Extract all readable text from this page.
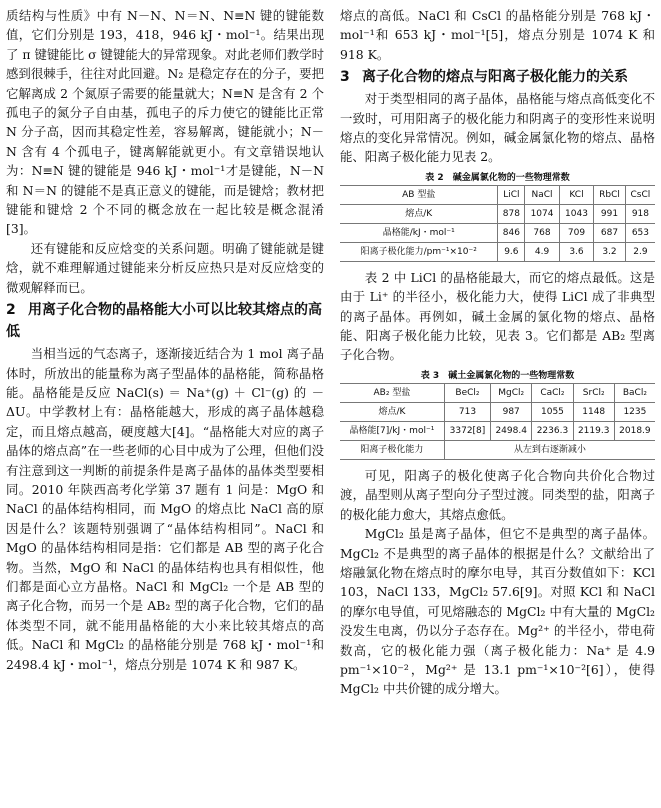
质结构与性质》中有 N－N、N＝N、N≡N 键的键能数值，它们分别是 193，418，946 kJ・mol⁻¹。结果出现了 π 键键能比 σ 键键能大的异常现象。对此老师们教学时感到很棘手，往往对此回避。N₂ 是稳定存在的分子，要把它解离成 2 个氮原子需要的能量就大；N≡N 是含有 2 个孤电子的氮分子自由基，孤电子的斥力使它的键能比正常 N 分子高，因而其稳定性差，容易解离，键能就小；N－N 含有 4 个孤电子，键离解能就更小。有文章错误地认为：N≡N 键的键能是 946 kJ・mol⁻¹才是键能，N－N 和 N＝N 的键能不是真正意义的键能，而是键焓；教材把键能和键焓 2 个不同的概念放在一起比较是概念混淆[3]。

还有键能和反应焓变的关系问题。明确了键能就是键焓，就不难理解通过键能来分析反应热只是对反应焓变的微观解释而已。

2 用离子化合物的晶格能大小可以比较其熔点的高低

当相当远的气态离子，逐渐接近结合为 1 mol 离子晶体时，所放出的能量称为离子型晶体的晶格能，简称晶格能。晶格能是反应 NaCl(s) ＝ Na⁺(g) ＋ Cl⁻(g) 的 －ΔU。中学教材上有：晶格能越大，形成的离子晶体越稳定，而且熔点越高，硬度越大[4]。“晶格能大对应的离子晶体的熔点高”在一些老师的心目中成为了公理，但他们没有注意到这一判断的前提条件是离子晶体的晶体类型要相同。2010 年陕西高考化学第 37 题有 1 问是：MgO 和 NaCl 的晶体结构相同，而 MgO 的熔点比 NaCl 高的原因是什么？该题特别强调了“晶体结构相同”。NaCl 和 MgO 的晶体结构相同是指：它们都是 AB 型的离子化合物。当然，MgO 和 NaCl 的晶体结构也具有相似性，他们都是面心立方晶格。NaCl 和 MgCl₂ 一个是 AB 型的离子化合物，而另一个是 AB₂ 型的离子化合物，它们的晶体类型不同，就不能用晶格能的大小来比较其熔点的高低。NaCl 和 MgCl₂ 的晶格能分别是 768 kJ・mol⁻¹和 2498.4 kJ・mol⁻¹，熔点分别是 1074 K 和 987 K。

熔点的高低。NaCl 和 CsCl 的晶格能分别是 768 kJ・mol⁻¹和 653 kJ・mol⁻¹[5]，熔点分别是 1074 K 和 918 K。

3 离子化合物的熔点与阳离子极化能力的关系

对于类型相同的离子晶体，晶格能与熔点高低变化不一致时，可用阳离子的极化能力和阴离子的变形性来说明熔点的变化异常情况。例如，碱金属氯化物的熔点、晶格能、阳离子极化能力见表 2。

表 2　碱金属氯化物的一些物理常数
AB 型盐	LiCl	NaCl	KCl	RbCl	CsCl
熔点/K	878	1074	1043	991	918
晶格能/kJ・mol⁻¹	846	768	709	687	653
阳离子极化能力/pm⁻¹×10⁻²	9.6	4.9	3.6	3.2	2.9

表 2 中 LiCl 的晶格能最大，而它的熔点最低。这是由于 Li⁺ 的半径小，极化能力大，使得 LiCl 成了非典型的离子晶体。再例如，碱土金属的氯化物的熔点、晶格能、阳离子极化能力比较，见表 3。它们都是 AB₂ 型离子化合物。

表 3　碱土金属氯化物的一些物理常数
AB₂ 型盐	BeCl₂	MgCl₂	CaCl₂	SrCl₂	BaCl₂
熔点/K	713	987	1055	1148	1235
晶格能[7]/kJ・mol⁻¹	3372[8]	2498.4	2236.3	2119.3	2018.9
阳离子极化能力	从左到右逐渐减小				

可见，阳离子的极化使离子化合物向共价化合物过渡，晶型则从离子型向分子型过渡。同类型的盐，阳离子的极化能力愈大，其熔点愈低。

MgCl₂ 虽是离子晶体，但它不是典型的离子晶体。MgCl₂ 不是典型的离子晶体的根据是什么？文献给出了熔融氯化物在熔点时的摩尔电导，其百分数值如下：KCl 103，NaCl 133，MgCl₂ 57.6[9]。对照 KCl 和 NaCl 的摩尔电导值，可见熔融态的 MgCl₂ 中有大量的 MgCl₂ 没发生电离，仍以分子态存在。Mg²⁺ 的半径小，带电荷数高，它的极化能力强（离子极化能力：Na⁺ 是 4.9 pm⁻¹×10⁻²，Mg²⁺ 是 13.1 pm⁻¹×10⁻²[6]），使得 MgCl₂ 中共价键的成分增大。
